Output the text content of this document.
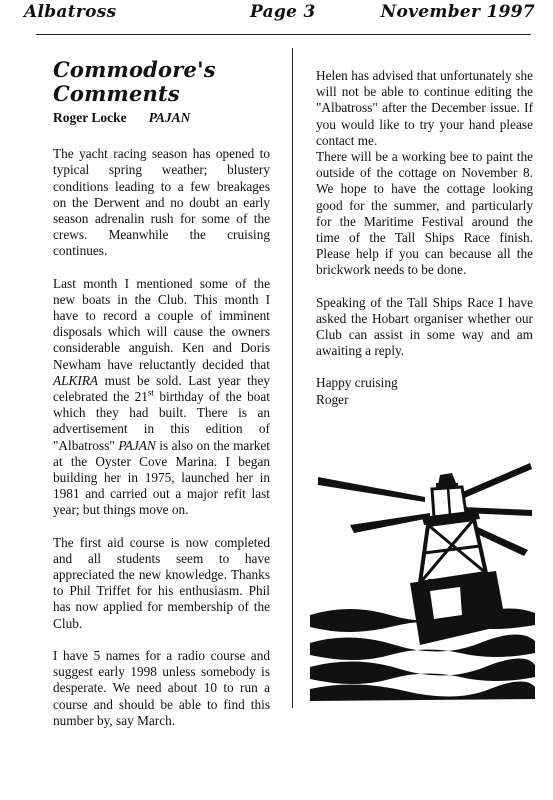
Albatross	Page 3	November 1997
Commodore's Comments
Roger Locke PAJAN

The yacht racing season has opened to typical spring weather; blustery conditions leading to a few breakages on the Derwent and no doubt an early season adrenalin rush for some of the crews. Meanwhile the cruising continues.

Last month I mentioned some of the new boats in the Club. This month I have to record a couple of imminent disposals which will cause the owners considerable anguish. Ken and Doris Newham have reluctantly decided that ALKIRA must be sold. Last year they celebrated the 21st birthday of the boat which they had built. There is an advertisement in this edition of "Albatross" PAJAN is also on the market at the Oyster Cove Marina. I began building her in 1975, launched her in 1981 and carried out a major refit last year; but things move on.

The first aid course is now completed and all students seem to have appreciated the new knowledge. Thanks to Phil Triffet for his enthusiasm. Phil has now applied for membership of the Club.

I have 5 names for a radio course and suggest early 1998 unless somebody is desperate. We need about 10 to run a course and should be able to find this number by, say March.

Helen has advised that unfortunately she will not be able to continue editing the "Albatross" after the December issue. If you would like to try your hand please contact me.

There will be a working bee to paint the outside of the cottage on November 8. We hope to have the cottage looking good for the summer, and particularly for the Maritime Festival around the time of the Tall Ships Race finish. Please help if you can because all the brickwork needs to be done.

Speaking of the Tall Ships Race I have asked the Hobart organiser whether our Club can assist in some way and am awaiting a reply.

Happy cruising
Roger
